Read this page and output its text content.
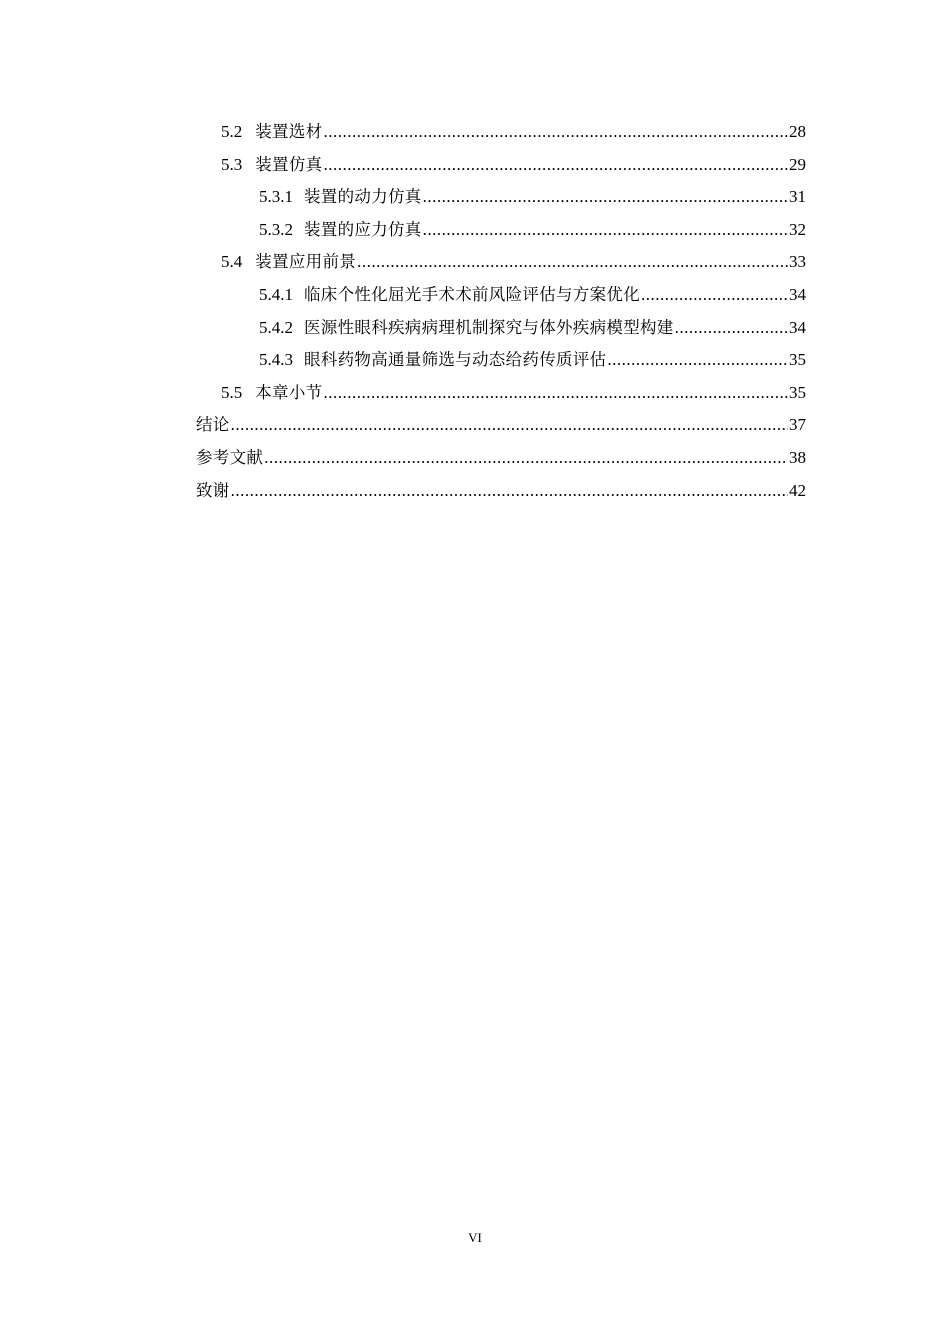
5.2 装置选材 .....	28
5.3 装置仿真 .....	29
5.3.1 装置的动力仿真 .....	31
5.3.2 装置的应力仿真 .....	32
5.4 装置应用前景 .....	33
5.4.1 临床个性化屈光手术术前风险评估与方案优化 .....	34
5.4.2 医源性眼科疾病病理机制探究与体外疾病模型构建 .....	34
5.4.3 眼科药物高通量筛选与动态给药传质评估 .....	35
5.5 本章小节 .....	35
结论 .....	37
参考文献 .....	38
致谢 .....	42
VI
